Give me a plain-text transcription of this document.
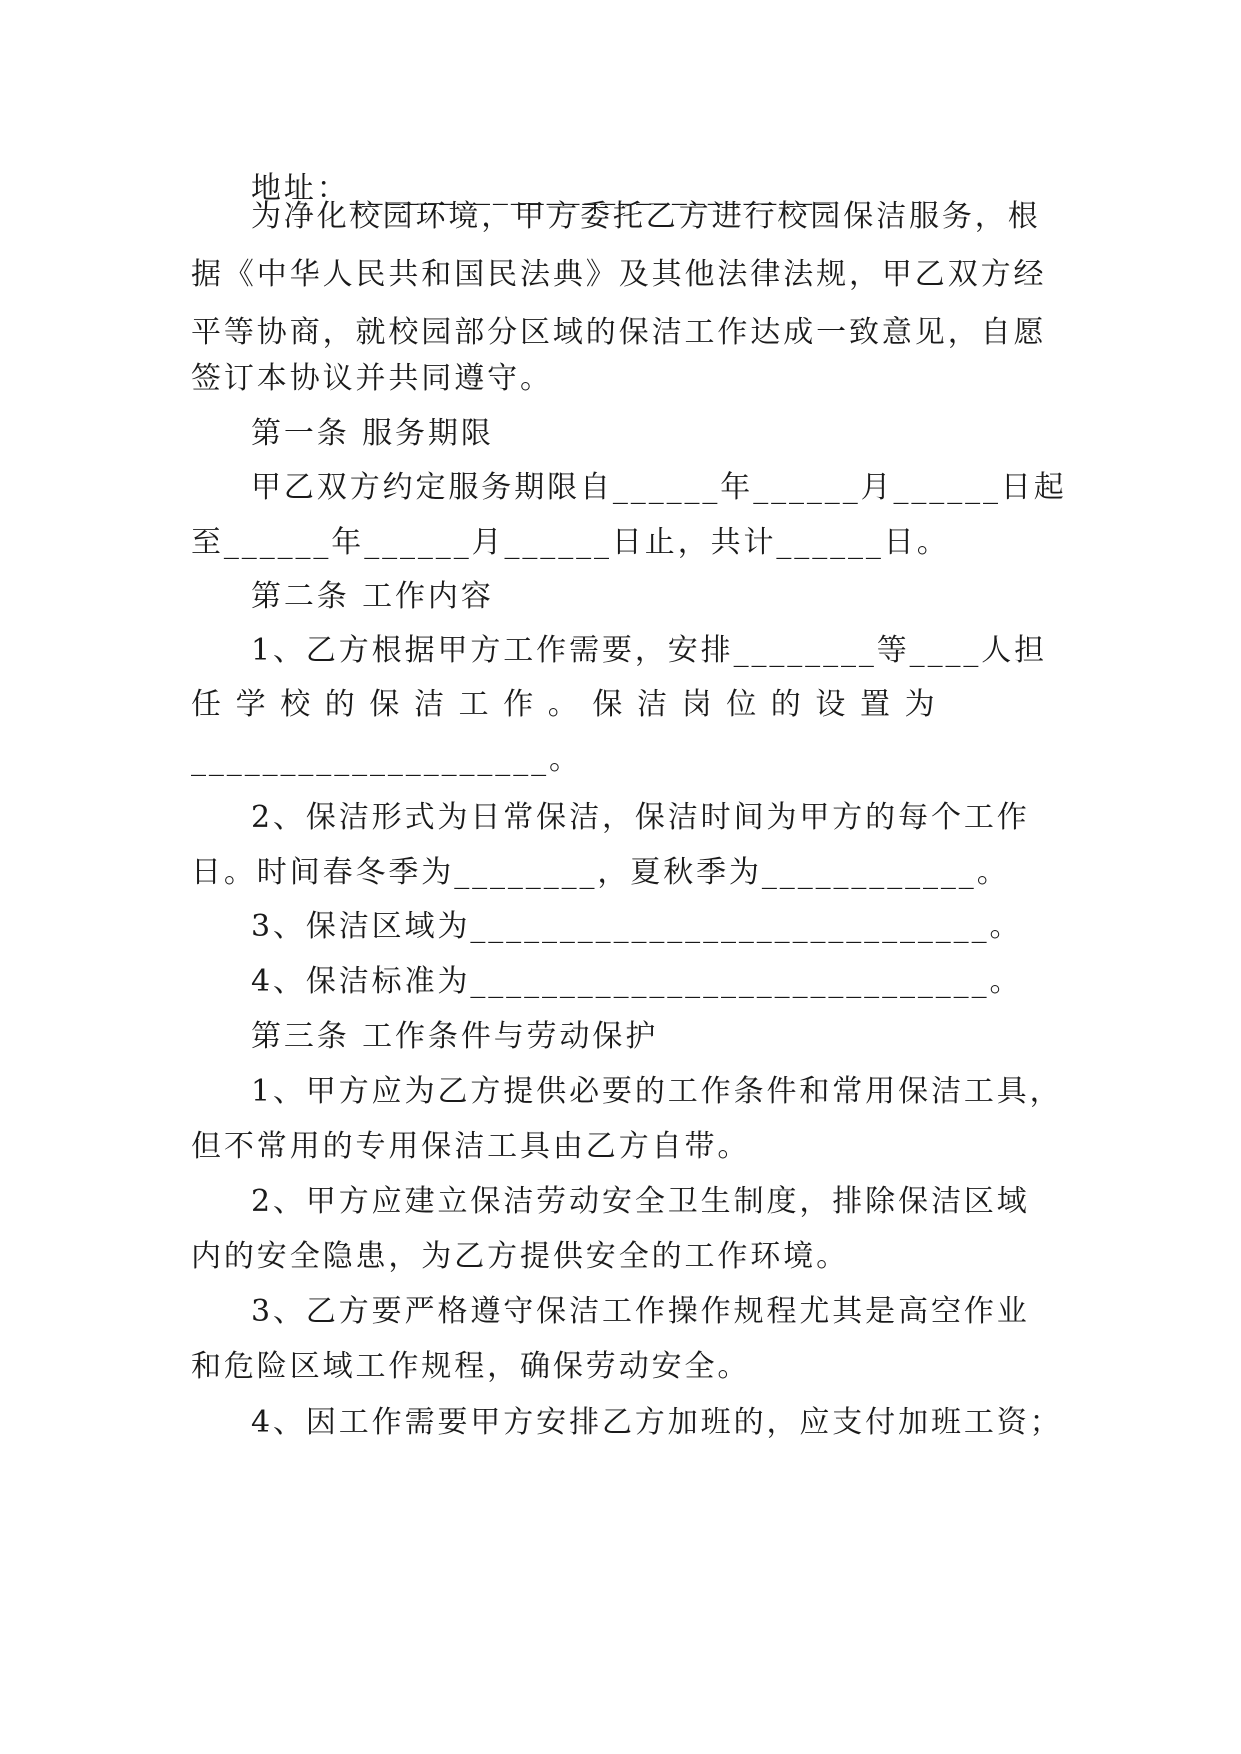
地址：___________________________
为净化校园环境，甲方委托乙方进行校园保洁服务，根
据《中华人民共和国民法典》及其他法律法规，甲乙双方经
平等协商，就校园部分区域的保洁工作达成一致意见，自愿
签订本协议并共同遵守。
第一条 服务期限
甲乙双方约定服务期限自______年______月______日起
至______年______月______日止，共计______日。
第二条 工作内容
1、乙方根据甲方工作需要，安排________等____人担
任学校的保洁工作。保洁岗位的设置为
____________________。
2、保洁形式为日常保洁，保洁时间为甲方的每个工作
日。时间春冬季为________，夏秋季为____________。
3、保洁区域为_____________________________。
4、保洁标准为_____________________________。
第三条 工作条件与劳动保护
1、甲方应为乙方提供必要的工作条件和常用保洁工具，
但不常用的专用保洁工具由乙方自带。
2、甲方应建立保洁劳动安全卫生制度，排除保洁区域
内的安全隐患，为乙方提供安全的工作环境。
3、乙方要严格遵守保洁工作操作规程尤其是高空作业
和危险区域工作规程，确保劳动安全。
4、因工作需要甲方安排乙方加班的，应支付加班工资；
